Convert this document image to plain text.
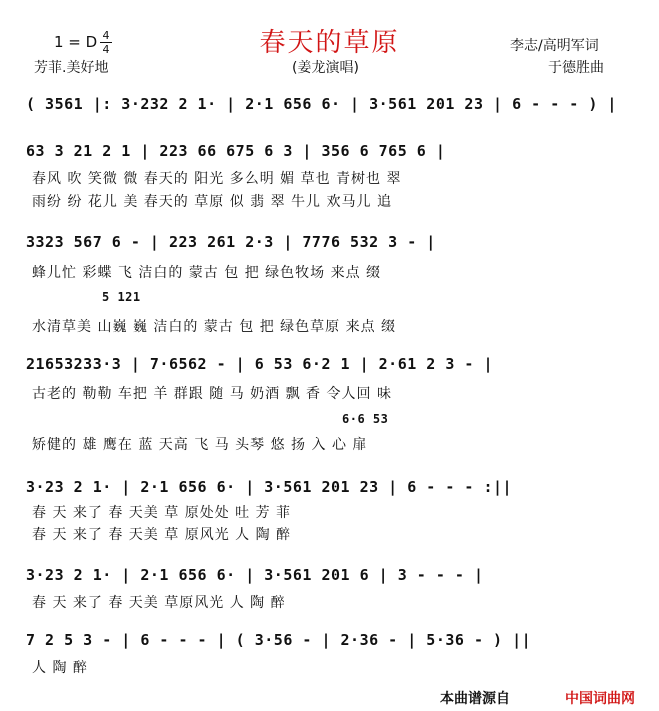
春天的草原
1 = D 4
4
芳菲.美好地	(姜龙演唱)
李志/高明军词
于德胜曲
( 3561 |: 3·232 2 1· | 2·1 656 6· | 3·561 201 23 | 6 - - - ) |
63 3 21 2 1 | 223 66 675 6 3 | 356 6 765 6 |
春风 吹 笑微 微 春天的 阳光 多么明 媚 草也 青树也 翠
雨纷 纷 花儿 美 春天的 草原 似 翡 翠 牛儿 欢马儿 追
3323 567 6 - | 223 261 2·3 | 7776 532 3 - |
蜂儿忙 彩蝶 飞 洁白的 蒙古 包 把 绿色牧场 来点 缀
5 121
水清草美 山巍 巍 洁白的 蒙古 包 把 绿色草原 来点 缀
21653233·3 | 7·6562 - | 6 53 6·2 1 | 2·61 2 3 - |
古老的 勒勒 车把 羊 群跟 随 马 奶酒 飘 香 令人回 味
6·6 53
矫健的 雄 鹰在 蓝 天高 飞 马 头琴 悠 扬 入 心 扉
3·23 2 1· | 2·1 656 6· | 3·561 201 23 | 6 - - - :||
春 天 来了 春 天美 草 原处处 吐 芳 菲
春 天 来了 春 天美 草 原风光 人 陶 醉
3·23 2 1· | 2·1 656 6· | 3·561 201 6 | 3 - - - |
春 天 来了 春 天美 草原风光 人 陶 醉
7 2 5 3 - | 6 - - - | ( 3·56 - | 2·36 - | 5·36 - ) ||
人 陶 醉
本曲谱源自	中国词曲网
